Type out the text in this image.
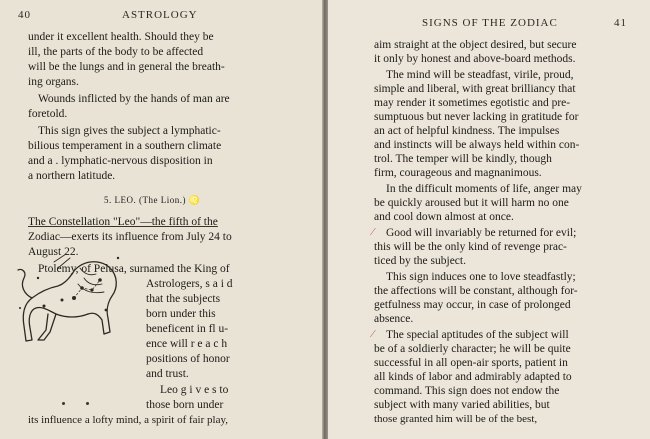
40	ASTROLOGY
under it excellent health. Should they be
ill, the parts of the body to be affected
will be the lungs and in general the breath-
ing organs.
Wounds inflicted by the hands of man are
foretold.
This sign gives the subject a lymphatic-
bilious temperament in a southern climate
and a . lymphatic-nervous disposition in
a northern latitude.
5. LEO. (The Lion.) ♌
The Constellation "Leo"—the fifth of the
Zodiac—exerts its influence from July 24 to
August 22.
Ptolemy, of Pelusa, surnamed the King of
Astrologers, s a i d
that the subjects
born under this
beneficent in fl u-
ence will r e a c h
positions of honor
and trust.
Leo g i v e s to
those born under
its influence a lofty mind, a spirit of fair play,
SIGNS OF THE ZODIAC	41
aim straight at the object desired, but secure
it only by honest and above-board methods.
The mind will be steadfast, virile, proud,
simple and liberal, with great brilliancy that
may render it sometimes egotistic and pre-
sumptuous but never lacking in gratitude for
an act of helpful kindness. The impulses
and instincts will be always held within con-
trol. The temper will be kindly, though
firm, courageous and magnanimous.
In the difficult moments of life, anger may
be quickly aroused but it will harm no one
and cool down almost at once.
Good will invariably be returned for evil;
this will be the only kind of revenge prac-
ticed by the subject.
This sign induces one to love steadfastly;
the affections will be constant, although for-
getfulness may occur, in case of prolonged
absence.
The special aptitudes of the subject will
be of a soldierly character; he will be quite
successful in all open-air sports, patient in
all kinds of labor and admirably adapted to
command. This sign does not endow the
subject with many varied abilities, but
those granted him will be of the best,
⁄
⁄
